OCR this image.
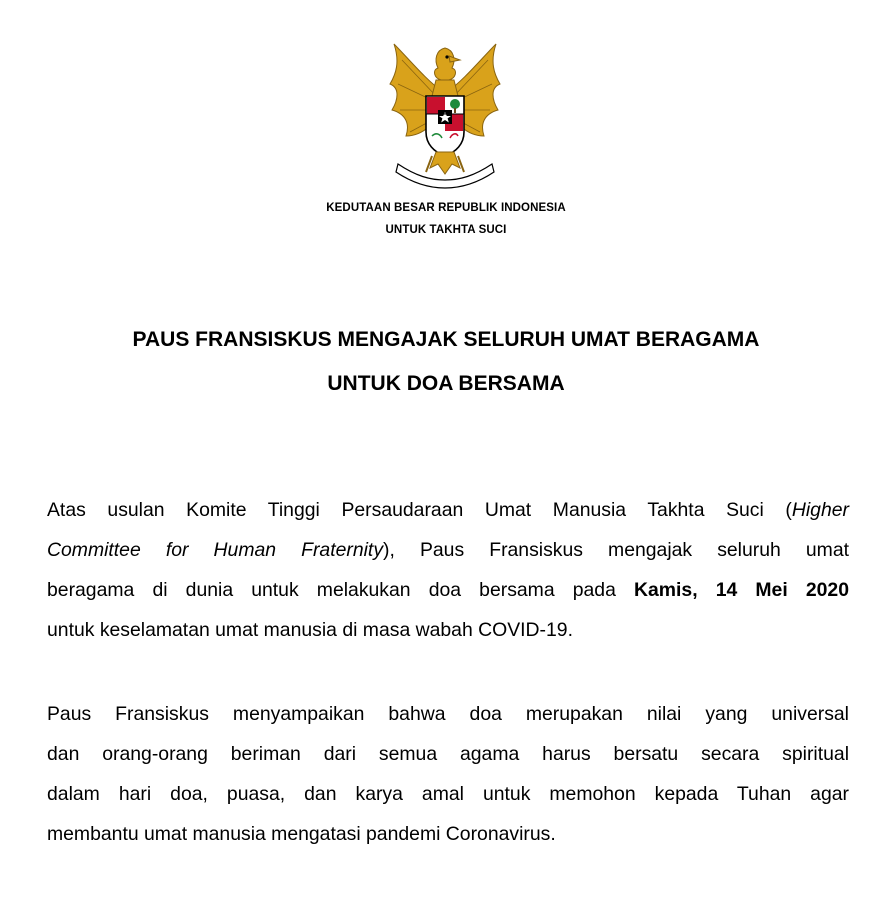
KEDUTAAN BESAR REPUBLIK INDONESIA
UNTUK TAKHTA SUCI
PAUS FRANSISKUS MENGAJAK SELURUH UMAT BERAGAMA
UNTUK DOA BERSAMA
Atas usulan Komite Tinggi Persaudaraan Umat Manusia Takhta Suci (Higher
Committee for Human Fraternity), Paus Fransiskus mengajak seluruh umat
beragama di dunia untuk melakukan doa bersama pada Kamis, 14 Mei 2020
untuk keselamatan umat manusia di masa wabah COVID-19.
Paus Fransiskus menyampaikan bahwa doa merupakan nilai yang universal
dan orang-orang beriman dari semua agama harus bersatu secara spiritual
dalam hari doa, puasa, dan karya amal untuk memohon kepada Tuhan agar
membantu umat manusia mengatasi pandemi Coronavirus.
